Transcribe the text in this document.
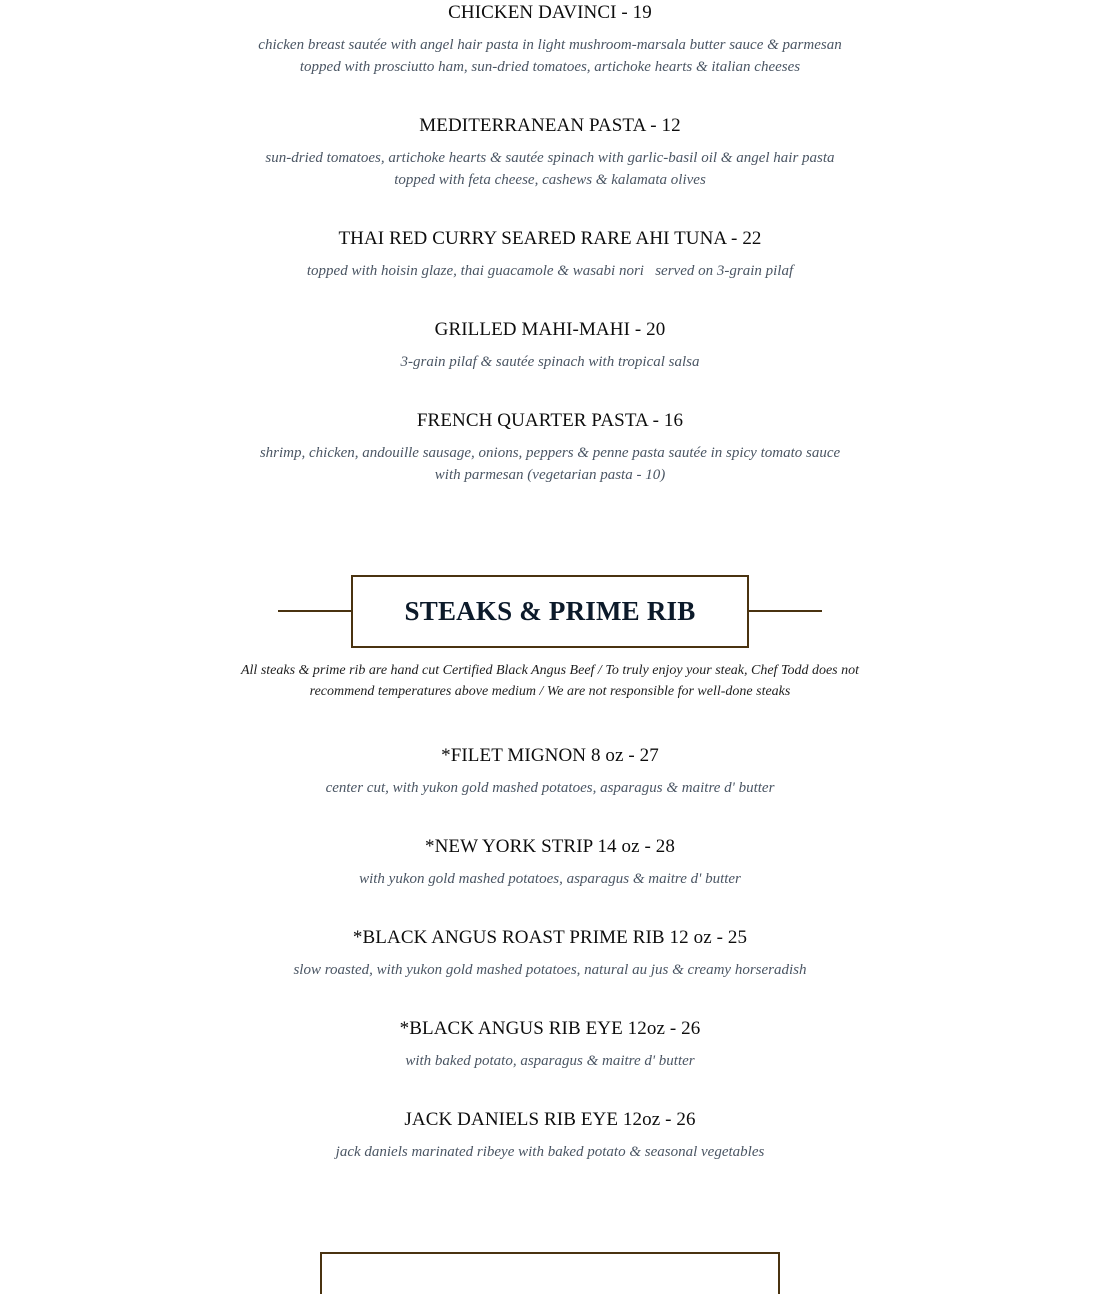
CHICKEN DAVINCI - 19
chicken breast sautée with angel hair pasta in light mushroom-marsala butter sauce & parmesan
topped with prosciutto ham, sun-dried tomatoes, artichoke hearts & italian cheeses
MEDITERRANEAN PASTA - 12
sun-dried tomatoes, artichoke hearts & sautée spinach with garlic-basil oil & angel hair pasta
topped with feta cheese, cashews & kalamata olives
THAI RED CURRY SEARED RARE AHI TUNA - 22
topped with hoisin glaze, thai guacamole & wasabi nori   served on 3-grain pilaf
GRILLED MAHI-MAHI - 20
3-grain pilaf & sautée spinach with tropical salsa
FRENCH QUARTER PASTA - 16
shrimp, chicken, andouille sausage, onions, peppers & penne pasta sautée in spicy tomato sauce
with parmesan (vegetarian pasta - 10)
STEAKS & PRIME RIB
All steaks & prime rib are hand cut Certified Black Angus Beef / To truly enjoy your steak, Chef Todd does not
recommend temperatures above medium / We are not responsible for well-done steaks
*FILET MIGNON 8 oz - 27
center cut, with yukon gold mashed potatoes, asparagus & maitre d' butter
*NEW YORK STRIP 14 oz - 28
with yukon gold mashed potatoes, asparagus & maitre d' butter
*BLACK ANGUS ROAST PRIME RIB 12 oz - 25
slow roasted, with yukon gold mashed potatoes, natural au jus & creamy horseradish
*BLACK ANGUS RIB EYE 12oz - 26
with baked potato, asparagus & maitre d' butter
JACK DANIELS RIB EYE 12oz - 26
jack daniels marinated ribeye with baked potato & seasonal vegetables
